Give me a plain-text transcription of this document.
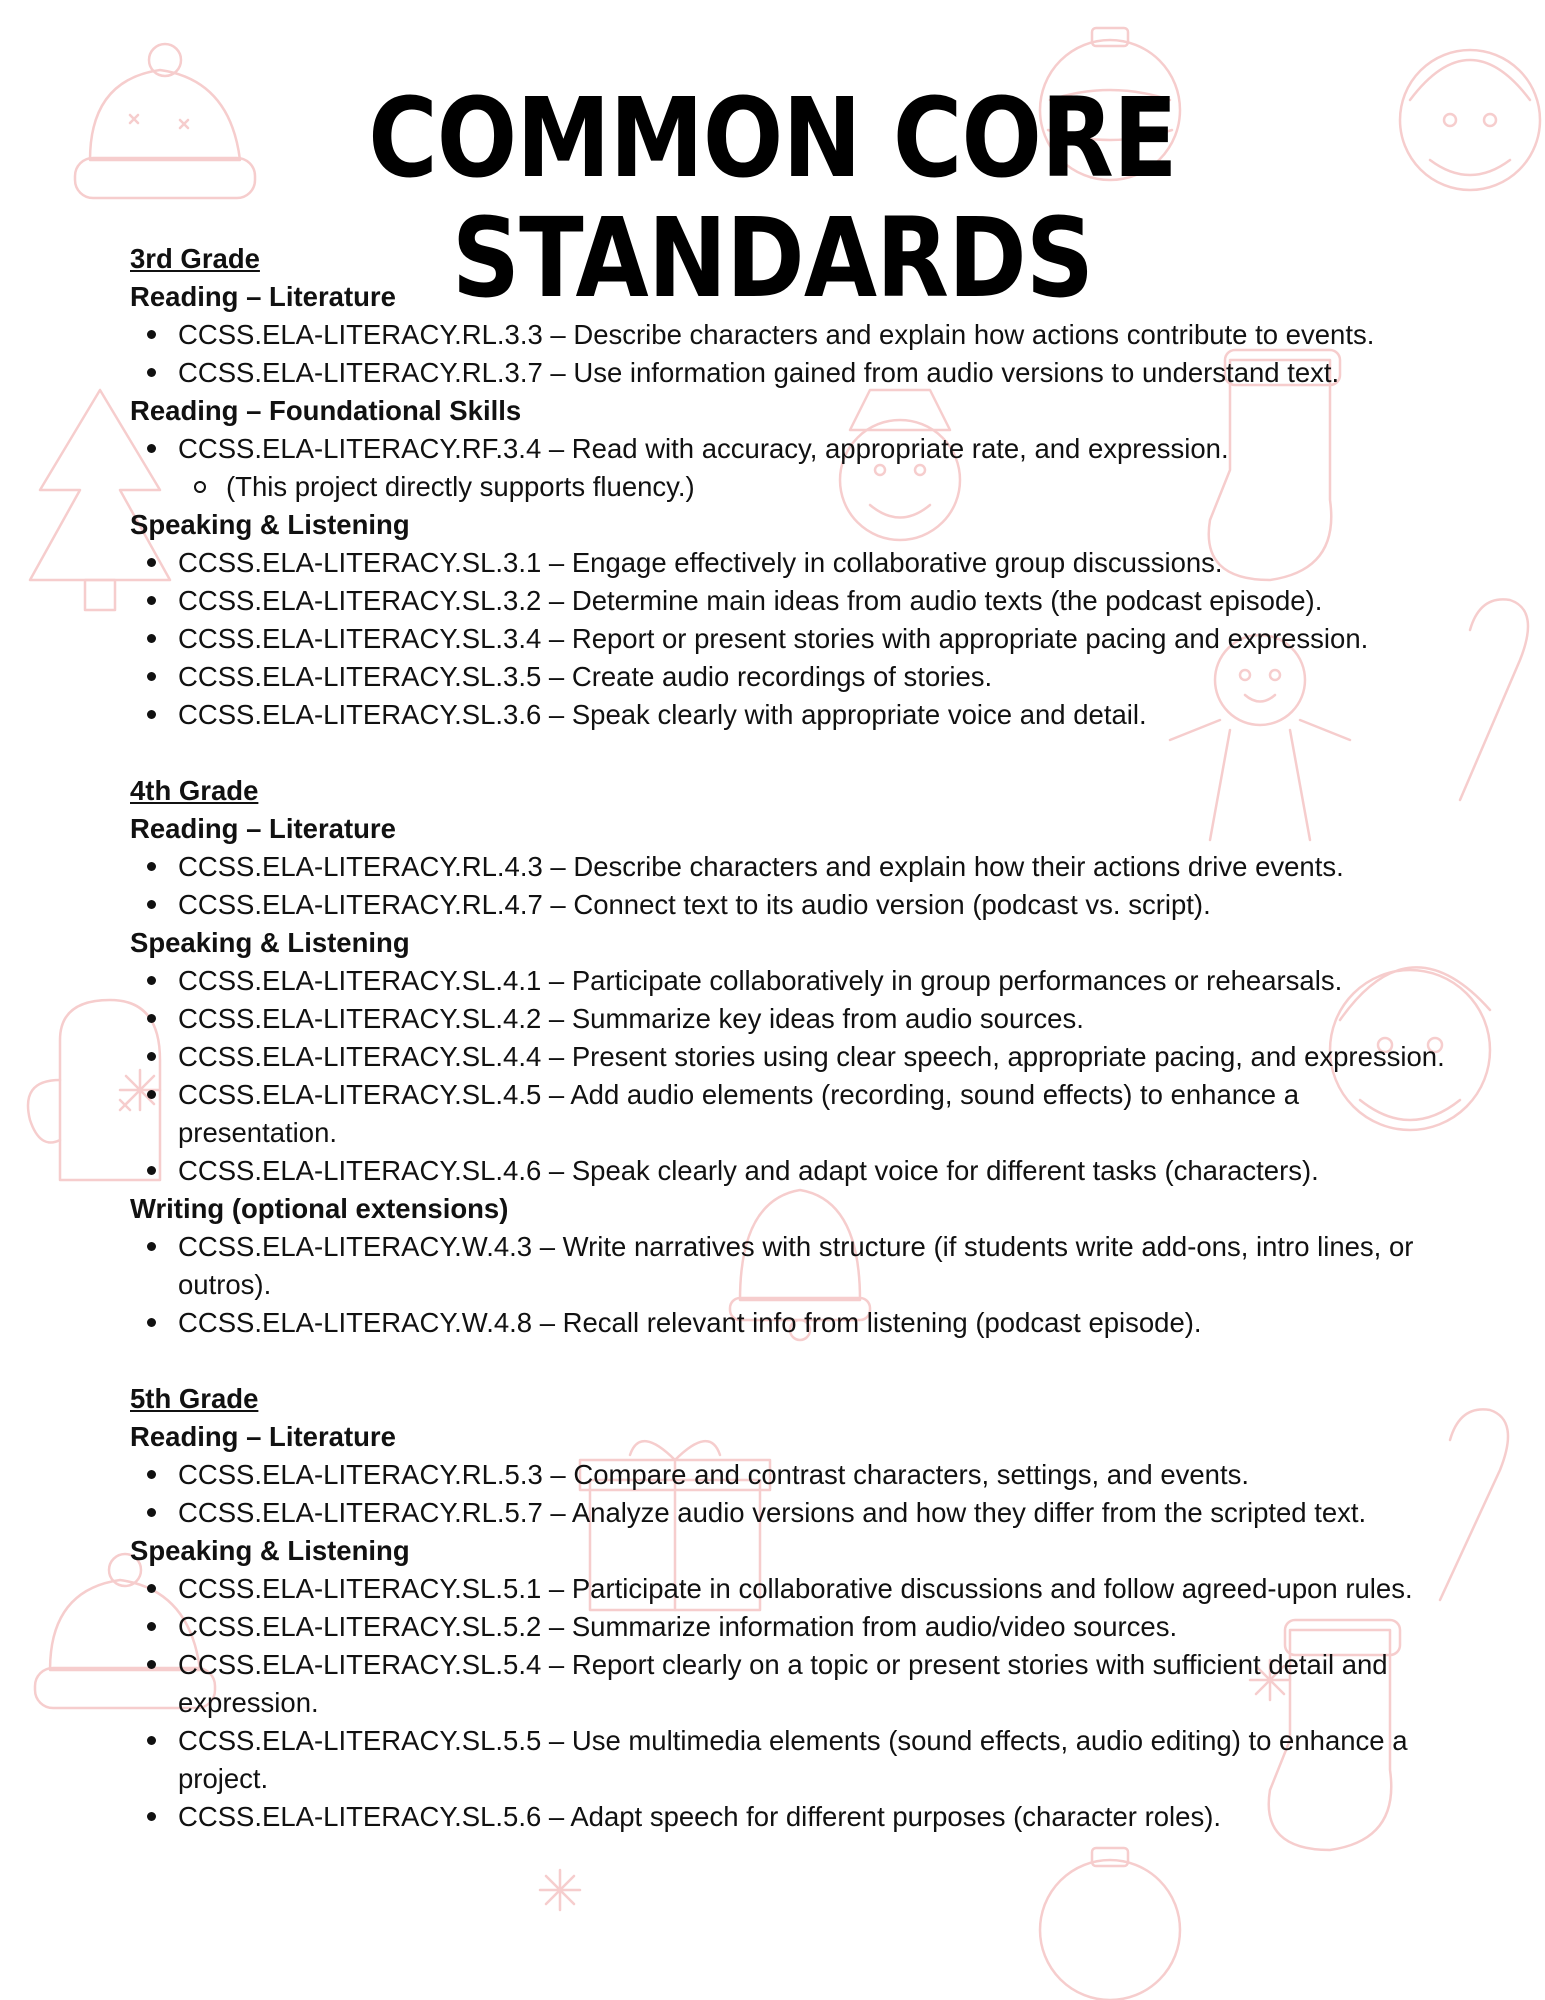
COMMON CORE STANDARDS
3rd Grade
Reading – Literature
CCSS.ELA-LITERACY.RL.3.3 – Describe characters and explain how actions contribute to events.
CCSS.ELA-LITERACY.RL.3.7 – Use information gained from audio versions to understand text.
Reading – Foundational Skills
CCSS.ELA-LITERACY.RF.3.4 – Read with accuracy, appropriate rate, and expression.
(This project directly supports fluency.)
Speaking & Listening
CCSS.ELA-LITERACY.SL.3.1 – Engage effectively in collaborative group discussions.
CCSS.ELA-LITERACY.SL.3.2 – Determine main ideas from audio texts (the podcast episode).
CCSS.ELA-LITERACY.SL.3.4 – Report or present stories with appropriate pacing and expression.
CCSS.ELA-LITERACY.SL.3.5 – Create audio recordings of stories.
CCSS.ELA-LITERACY.SL.3.6 – Speak clearly with appropriate voice and detail.
4th Grade
Reading – Literature
CCSS.ELA-LITERACY.RL.4.3 – Describe characters and explain how their actions drive events.
CCSS.ELA-LITERACY.RL.4.7 – Connect text to its audio version (podcast vs. script).
Speaking & Listening
CCSS.ELA-LITERACY.SL.4.1 – Participate collaboratively in group performances or rehearsals.
CCSS.ELA-LITERACY.SL.4.2 – Summarize key ideas from audio sources.
CCSS.ELA-LITERACY.SL.4.4 – Present stories using clear speech, appropriate pacing, and expression.
CCSS.ELA-LITERACY.SL.4.5 – Add audio elements (recording, sound effects) to enhance a presentation.
CCSS.ELA-LITERACY.SL.4.6 – Speak clearly and adapt voice for different tasks (characters).
Writing (optional extensions)
CCSS.ELA-LITERACY.W.4.3 – Write narratives with structure (if students write add-ons, intro lines, or outros).
CCSS.ELA-LITERACY.W.4.8 – Recall relevant info from listening (podcast episode).
5th Grade
Reading – Literature
CCSS.ELA-LITERACY.RL.5.3 – Compare and contrast characters, settings, and events.
CCSS.ELA-LITERACY.RL.5.7 – Analyze audio versions and how they differ from the scripted text.
Speaking & Listening
CCSS.ELA-LITERACY.SL.5.1 – Participate in collaborative discussions and follow agreed-upon rules.
CCSS.ELA-LITERACY.SL.5.2 – Summarize information from audio/video sources.
CCSS.ELA-LITERACY.SL.5.4 – Report clearly on a topic or present stories with sufficient detail and expression.
CCSS.ELA-LITERACY.SL.5.5 – Use multimedia elements (sound effects, audio editing) to enhance a project.
CCSS.ELA-LITERACY.SL.5.6 – Adapt speech for different purposes (character roles).
